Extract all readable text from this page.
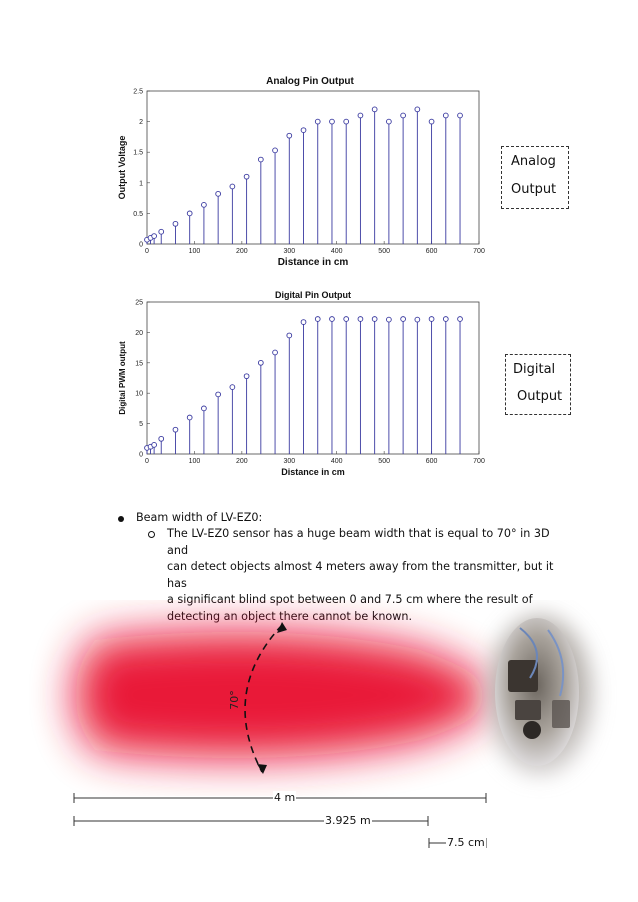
Analog Pin Output
0	100	200	300	400	500	600	700
0
0.5
1
1.5
2
2.5
Distance in cm
Output Voltage	Analog
Output
Digital Pin Output
0	100	200	300	400	500	600	700
0
5
10
15
20
25
Distance in cm
Digital PWM output	Digital
Output
Beam width of LV-EZ0:
The LV-EZ0 sensor has a huge beam width that is equal to 70° in 3D and
can detect objects almost 4 meters away from the transmitter, but it has
a significant blind spot between 0 and 7.5 cm where the result of
detecting an object there cannot be known.
70°
4 m
3.925 m
7.5 cm
